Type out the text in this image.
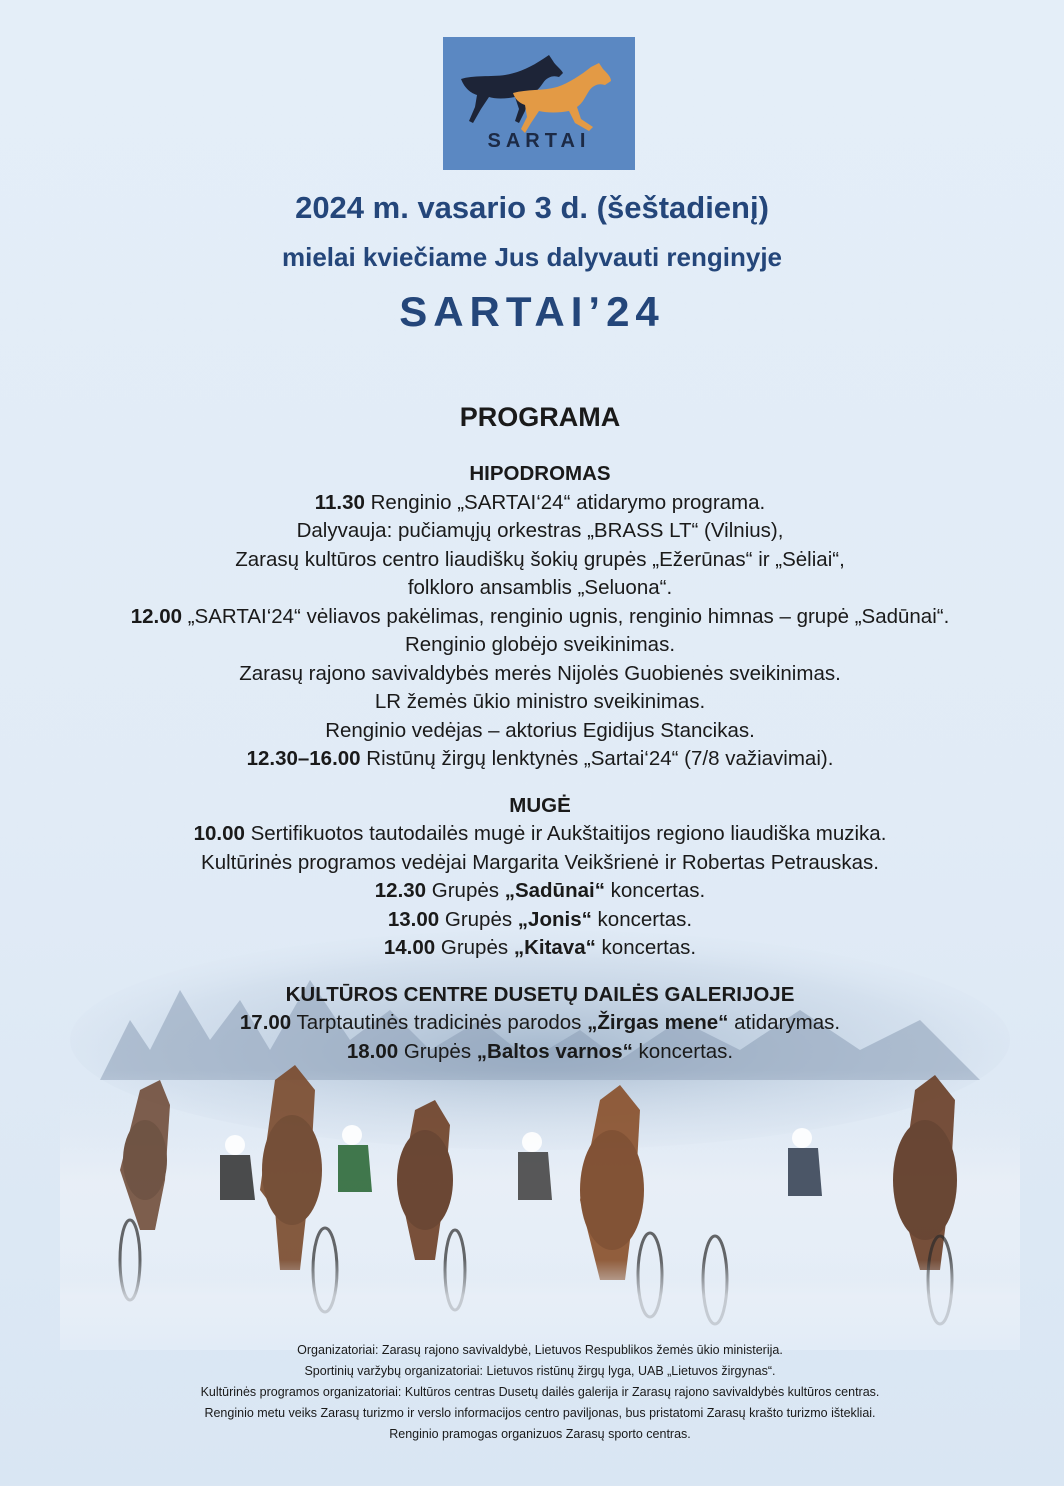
SARTAI
2024 m. vasario 3 d. (šeštadienį)
mielai kviečiame Jus dalyvauti renginyje
SARTAI’24
PROGRAMA
HIPODROMAS
11.30 Renginio „SARTAI‘24“ atidarymo programa.
Dalyvauja: pučiamųjų orkestras „BRASS LT“ (Vilnius),
Zarasų kultūros centro liaudiškų šokių grupės „Ežerūnas“ ir „Sėliai“,
folkloro ansamblis „Seluona“.
12.00 „SARTAI‘24“ vėliavos pakėlimas, renginio ugnis, renginio himnas – grupė „Sadūnai“.
Renginio globėjo sveikinimas.
Zarasų rajono savivaldybės merės Nijolės Guobienės sveikinimas.
LR žemės ūkio ministro sveikinimas.
Renginio vedėjas – aktorius Egidijus Stancikas.
12.30–16.00 Ristūnų žirgų lenktynės „Sartai‘24“ (7/8 važiavimai).
MUGĖ
10.00 Sertifikuotos tautodailės mugė ir Aukštaitijos regiono liaudiška muzika.
Kultūrinės programos vedėjai Margarita Veikšrienė ir Robertas Petrauskas.
12.30 Grupės „Sadūnai“ koncertas.
13.00 Grupės „Jonis“ koncertas.
14.00 Grupės „Kitava“ koncertas.
KULTŪROS CENTRE DUSETŲ DAILĖS GALERIJOJE
17.00 Tarptautinės tradicinės parodos „Žirgas mene“ atidarymas.
18.00 Grupės „Baltos varnos“ koncertas.
Organizatoriai: Zarasų rajono savivaldybė, Lietuvos Respublikos žemės ūkio ministerija.
Sportinių varžybų organizatoriai: Lietuvos ristūnų žirgų lyga, UAB „Lietuvos žirgynas“.
Kultūrinės programos organizatoriai: Kultūros centras Dusetų dailės galerija ir Zarasų rajono savivaldybės kultūros centras.
Renginio metu veiks Zarasų turizmo ir verslo informacijos centro paviljonas, bus pristatomi Zarasų krašto turizmo ištekliai.
Renginio pramogas organizuos Zarasų sporto centras.
